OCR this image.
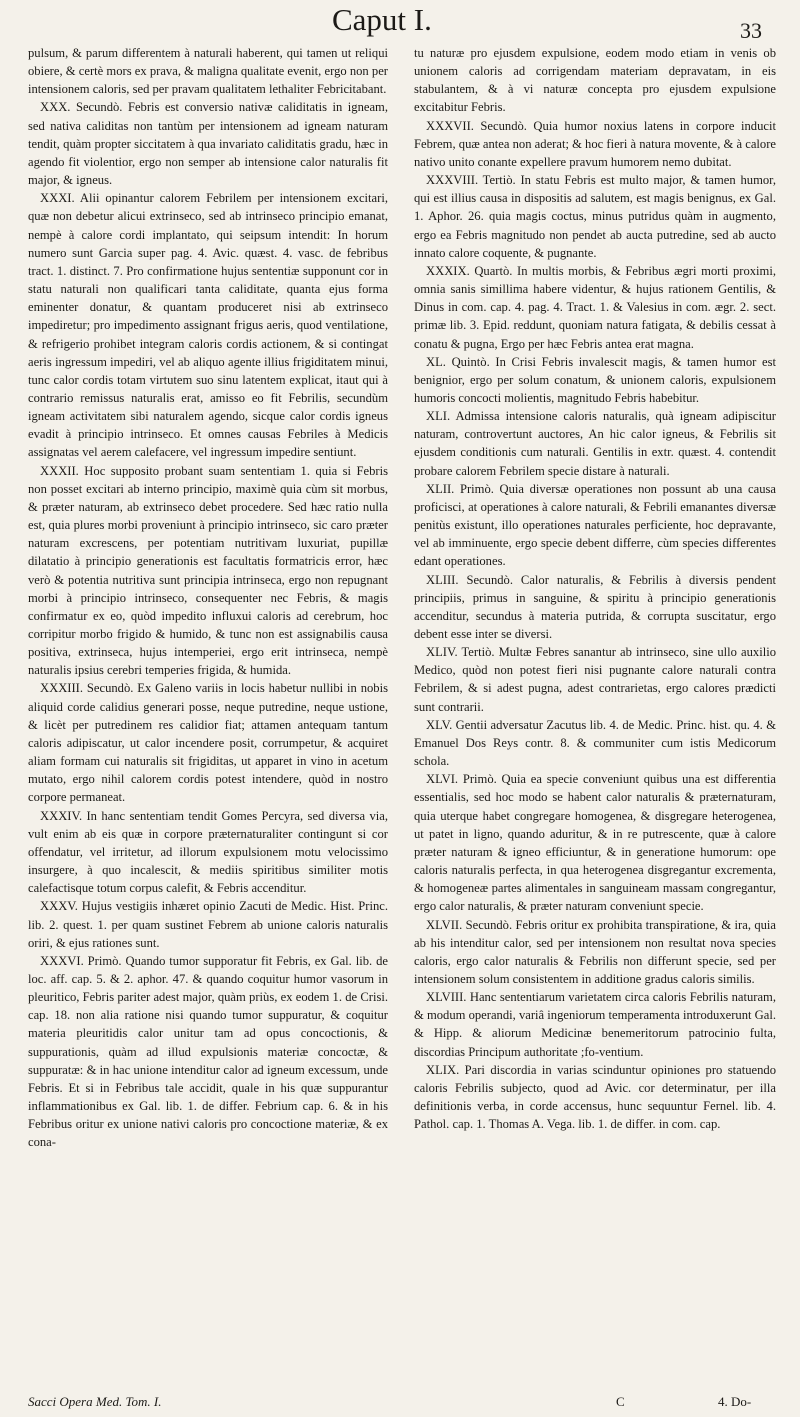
Caput I.	33

pulsum, & parum differentem à naturali haberent, qui tamen ut reliqui obiere, & certè mors ex prava, & maligna qualitate evenit, ergo non per intensionem caloris, sed per pravam qualitatem lethaliter Febricitabant.

XXX. Secundò. Febris est conversio nativæ caliditatis in igneam, sed nativa caliditas non tantùm per intensionem ad igneam naturam tendit, quàm propter siccitatem à qua invariato caliditatis gradu, hæc in agendo fit violentior, ergo non semper ab intensione calor naturalis fit major, & igneus.

XXXI. Alii opinantur calorem Febrilem per intensionem excitari, quæ non debetur alicui extrinseco, sed ab intrinseco principio emanat, nempè à calore cordi implantato, qui seipsum intendit: In horum numero sunt Garcia super pag. 4. Avic. quæst. 4. vasc. de febribus tract. 1. distinct. 7. Pro confirmatione hujus sententiæ supponunt cor in statu naturali non qualificari tanta caliditate, quanta ejus forma eminenter donatur, & quantam produceret nisi ab extrinseco impediretur; pro impedimento assignant frigus aeris, quod ventilatione, & refrigerio prohibet integram caloris cordis actionem, & si contingat aeris ingressum impediri, vel ab aliquo agente illius frigiditatem minui, tunc calor cordis totam virtutem suo sinu latentem explicat, itaut qui à contrario remissus naturalis erat, amisso eo fit Febrilis, secundùm igneam activitatem sibi naturalem agendo, sicque calor cordis igneus evadit à principio intrinseco. Et omnes causas Febriles à Medicis assignatas vel aerem calefacere, vel ingressum impedire sentiunt.

XXXII. Hoc supposito probant suam sententiam 1. quia si Febris non posset excitari ab interno principio, maximè quia cùm sit morbus, & præter naturam, ab extrinseco debet procedere. Sed hæc ratio nulla est, quia plures morbi proveniunt à principio intrinseco, sic caro præter naturam excrescens, per potentiam nutritivam luxuriat, pupillæ dilatatio à principio generationis est facultatis formatricis error, hæc verò & potentia nutritiva sunt principia intrinseca, ergo non repugnant morbi à principio intrinseco, consequenter nec Febris, & magis confirmatur ex eo, quòd impedito influxui caloris ad cerebrum, hoc corripitur morbo frigido & humido, & tunc non est assignabilis causa positiva, extrinseca, hujus intemperiei, ergo erit intrinseca, nempè naturalis ipsius cerebri temperies frigida, & humida.

XXXIII. Secundò. Ex Galeno variis in locis habetur nullibi in nobis aliquid corde calidius generari posse, neque putredine, neque ustione, & licèt per putredinem res calidior fiat; attamen antequam tantum caloris adipiscatur, ut calor incendere posit, corrumpetur, & acquiret aliam formam cui naturalis sit frigiditas, ut apparet in vino in acetum mutato, ergo nihil calorem cordis potest intendere, quòd in nostro corpore permaneat.

XXXIV. In hanc sententiam tendit Gomes Percyra, sed diversa via, vult enim ab eis quæ in corpore præternaturaliter contingunt si cor offendatur, vel irritetur, ad illorum expulsionem motu velocissimo insurgere, à quo incalescit, & mediis spiritibus similiter motis calefactisque totum corpus calefit, & Febris accenditur.

XXXV. Hujus vestigiis inhæret opinio Zacuti de Medic. Hist. Princ. lib. 2. quest. 1. per quam sustinet Febrem ab unione caloris naturalis oriri, & ejus rationes sunt.

XXXVI. Primò. Quando tumor supporatur fit Febris, ex Gal. lib. de loc. aff. cap. 5. & 2. aphor. 47. & quando coquitur humor vasorum in pleuritico, Febris pariter adest major, quàm priùs, ex eodem 1. de Crisi. cap. 18. non alia ratione nisi quando tumor suppuratur, & coquitur materia pleuritidis calor unitur tam ad opus concoctionis, & suppurationis, quàm ad illud expulsionis materiæ concoctæ, & suppuratæ: & in hac unione intenditur calor ad igneum excessum, unde Febris. Et si in Febribus tale accidit, quale in his quæ suppurantur inflammationibus ex Gal. lib. 1. de differ. Febrium cap. 6. & in his Febribus oritur ex unione nativi caloris pro concoctione materiæ, & ex cona-

tu naturæ pro ejusdem expulsione, eodem modo etiam in venis ob unionem caloris ad corrigendam materiam depravatam, in eis stabulantem, & à vi naturæ concepta pro ejusdem expulsione excitabitur Febris.

XXXVII. Secundò. Quia humor noxius latens in corpore inducit Febrem, quæ antea non aderat; & hoc fieri à natura movente, & à calore nativo unito conante expellere pravum humorem nemo dubitat.

XXXVIII. Tertiò. In statu Febris est multo major, & tamen humor, qui est illius causa in dispositis ad salutem, est magis benignus, ex Gal. 1. Aphor. 26. quia magis coctus, minus putridus quàm in augmento, ergo ea Febris magnitudo non pendet ab aucta putredine, sed ab aucto innato calore coquente, & pugnante.

XXXIX. Quartò. In multis morbis, & Febribus ægri morti proximi, omnia sanis simillima habere videntur, & hujus rationem Gentilis, & Dinus in com. cap. 4. pag. 4. Tract. 1. & Valesius in com. ægr. 2. sect. primæ lib. 3. Epid. reddunt, quoniam natura fatigata, & debilis cessat à conatu & pugna, Ergo per hæc Febris antea erat magna.

XL. Quintò. In Crisi Febris invalescit magis, & tamen humor est benignior, ergo per solum conatum, & unionem caloris, expulsionem humoris concocti molientis, magnitudo Febris habebitur.

XLI. Admissa intensione caloris naturalis, quà igneam adipiscitur naturam, controvertunt auctores, An hic calor igneus, & Febrilis sit ejusdem conditionis cum naturali. Gentilis in extr. quæst. 4. contendit probare calorem Febrilem specie distare à naturali.

XLII. Primò. Quia diversæ operationes non possunt ab una causa proficisci, at operationes à calore naturali, & Febrili emanantes diversæ penitùs existunt, illo operationes naturales perficiente, hoc depravante, vel ab imminuente, ergo specie debent differre, cùm species differentes edant operationes.

XLIII. Secundò. Calor naturalis, & Febrilis à diversis pendent principiis, primus in sanguine, & spiritu à principio generationis accenditur, secundus à materia putrida, & corrupta suscitatur, ergo debent esse inter se diversi.

XLIV. Tertiò. Multæ Febres sanantur ab intrinseco, sine ullo auxilio Medico, quòd non potest fieri nisi pugnante calore naturali contra Febrilem, & si adest pugna, adest contrarietas, ergo calores prædicti sunt contrarii.

XLV. Gentii adversatur Zacutus lib. 4. de Medic. Princ. hist. qu. 4. & Emanuel Dos Reys contr. 8. & communiter cum istis Medicorum schola.

XLVI. Primò. Quia ea specie conveniunt quibus una est differentia essentialis, sed hoc modo se habent calor naturalis & præternaturam, quia uterque habet congregare homogenea, & disgregare heterogenea, ut patet in ligno, quando aduritur, & in re putrescente, quæ à calore præter naturam & igneo efficiuntur, & in generatione humorum: ope caloris naturalis perfecta, in qua heterogenea disgregantur excrementa, & homogeneæ partes alimentales in sanguineam massam congregantur, ergo calor naturalis, & præter naturam conveniunt specie.

XLVII. Secundò. Febris oritur ex prohibita transpiratione, & ira, quia ab his intenditur calor, sed per intensionem non resultat nova species caloris, ergo calor naturalis & Febrilis non differunt specie, sed per intensionem solum consistentem in additione gradus caloris similis.

XLVIII. Hanc sententiarum varietatem circa caloris Febrilis naturam, & modum operandi, variâ ingeniorum temperamenta introduxerunt Gal. & Hipp. & aliorum Medicinæ benemeritorum patrocinio fulta, discordias Principum authoritate ;fo-ventium.

XLIX. Pari discordia in varias scinduntur opiniones pro statuendo caloris Febrilis subjecto, quod ad Avic. cor determinatur, per illa definitionis verba, in corde accensus, hunc sequuntur Fernel. lib. 4. Pathol. cap. 1. Thomas A. Vega. lib. 1. de differ. in com. cap.

Sacci Opera Med. Tom. I.	C	4. Do-
